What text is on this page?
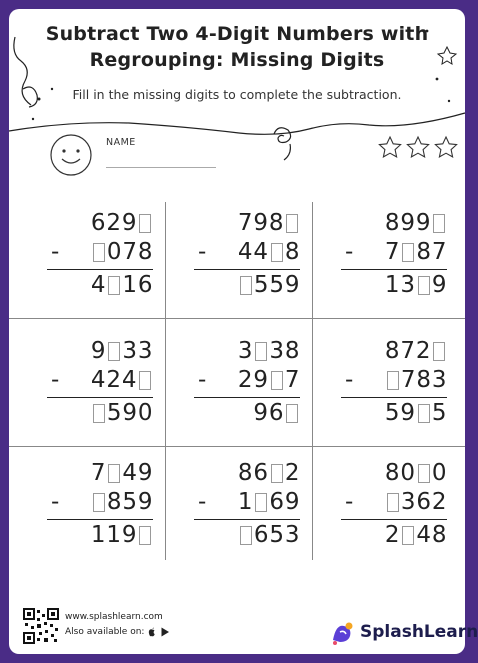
Subtract Two 4-Digit Numbers with
Regrouping: Missing Digits
Fill in the missing digits to complete the subtraction.
NAME
6 2 9
0 7 8
-
4 1 6
7 9 8
4 4 8
-
5 5 9
8 9 9
7 8 7
-
1 3 9
9 3 3
4 2 4
-
5 9 0
3 3 8
2 9 7
-
9 6
8 7 2
7 8 3
-
5 9 5
7 4 9
8 5 9
-
1 1 9
8 6 2
1 6 9
-
6 5 3
8 0 0
3 6 2
-
2 4 8
www.splashlearn.com
Also available on:	SplashLearn
